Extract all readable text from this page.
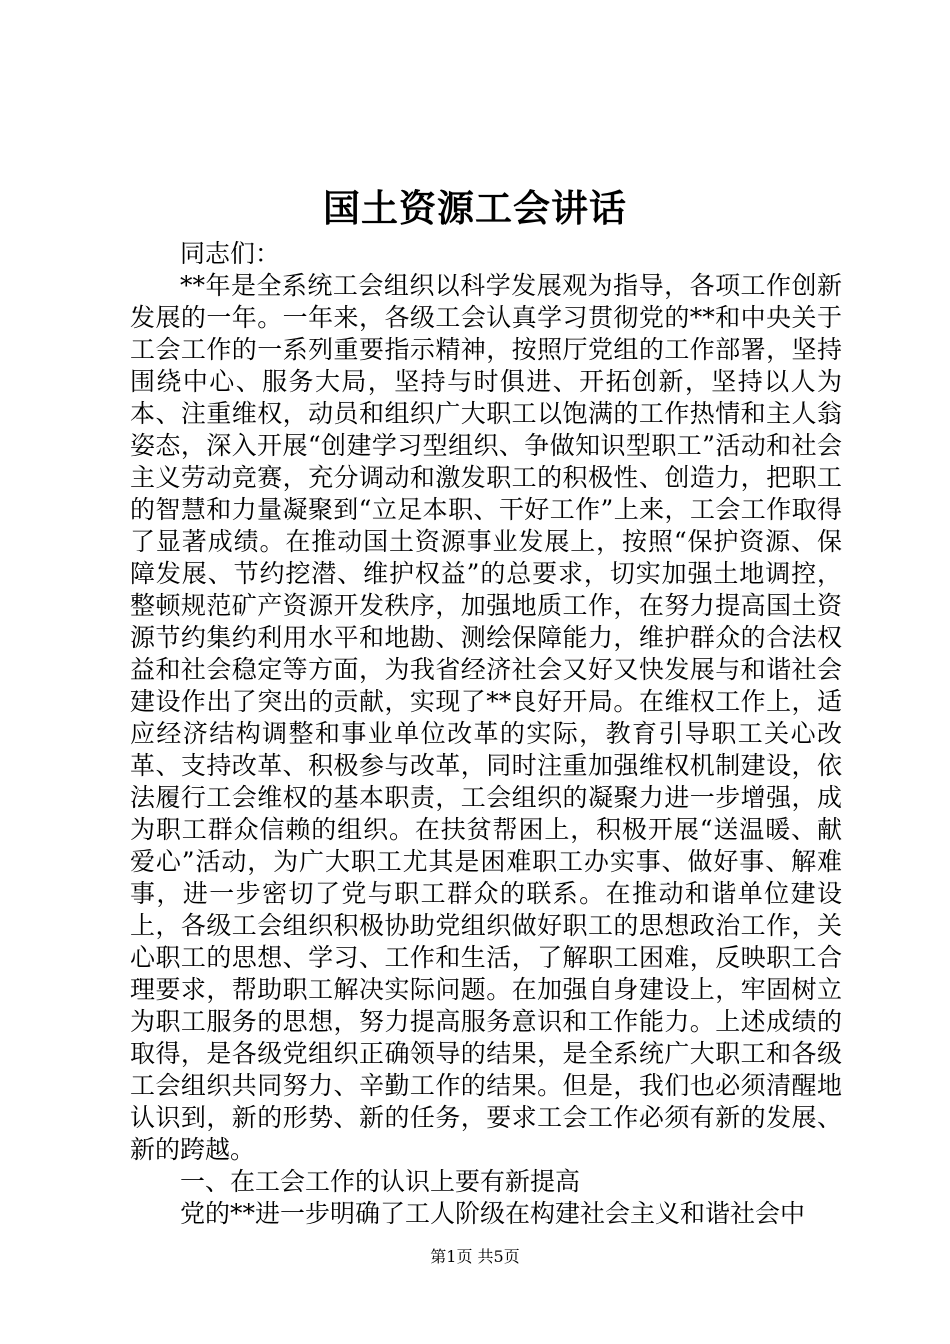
国土资源工会讲话

同志们：

**年是全系统工会组织以科学发展观为指导，各项工作创新发展的一年。一年来，各级工会认真学习贯彻党的**和中央关于工会工作的一系列重要指示精神，按照厅党组的工作部署，坚持围绕中心、服务大局，坚持与时俱进、开拓创新，坚持以人为本、注重维权，动员和组织广大职工以饱满的工作热情和主人翁姿态，深入开展“创建学习型组织、争做知识型职工”活动和社会主义劳动竞赛，充分调动和激发职工的积极性、创造力，把职工的智慧和力量凝聚到“立足本职、干好工作”上来，工会工作取得了显著成绩。在推动国土资源事业发展上，按照“保护资源、保障发展、节约挖潜、维护权益”的总要求，切实加强土地调控，整顿规范矿产资源开发秩序，加强地质工作，在努力提高国土资源节约集约利用水平和地勘、测绘保障能力，维护群众的合法权益和社会稳定等方面，为我省经济社会又好又快发展与和谐社会建设作出了突出的贡献，实现了**良好开局。在维权工作上，适应经济结构调整和事业单位改革的实际，教育引导职工关心改革、支持改革、积极参与改革，同时注重加强维权机制建设，依法履行工会维权的基本职责，工会组织的凝聚力进一步增强，成为职工群众信赖的组织。在扶贫帮困上，积极开展“送温暖、献爱心”活动，为广大职工尤其是困难职工办实事、做好事、解难事，进一步密切了党与职工群众的联系。在推动和谐单位建设上，各级工会组织积极协助党组织做好职工的思想政治工作，关心职工的思想、学习、工作和生活，了解职工困难，反映职工合理要求，帮助职工解决实际问题。在加强自身建设上，牢固树立为职工服务的思想，努力提高服务意识和工作能力。上述成绩的取得，是各级党组织正确领导的结果，是全系统广大职工和各级工会组织共同努力、辛勤工作的结果。但是，我们也必须清醒地认识到，新的形势、新的任务，要求工会工作必须有新的发展、新的跨越。

一、在工会工作的认识上要有新提高

党的**进一步明确了工人阶级在构建社会主义和谐社会中

第1页 共5页
